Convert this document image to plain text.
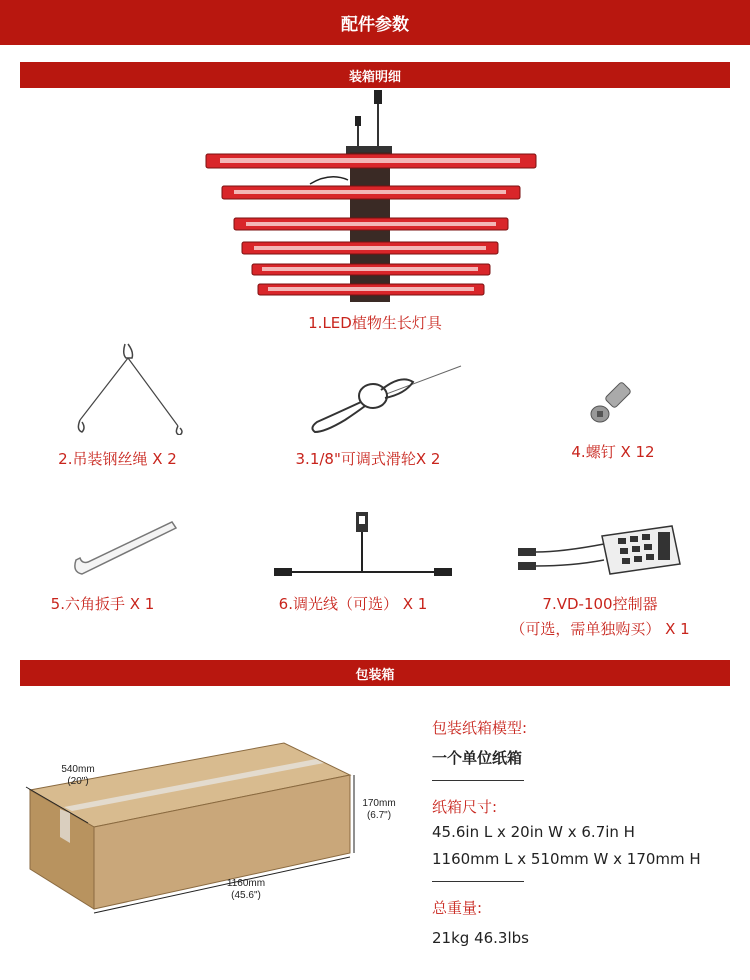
配件参数
装箱明细
1.LED植物生长灯具
2.吊装钢丝绳 X 2	3.1/8"可调式滑轮X 2	4.螺钉 X 12
5.六角扳手 X 1	6.调光线（可选） X 1	7.VD-100控制器
（可选，需单独购买） X 1
包装箱
540mm
(20")
170mm
(6.7")
1160mm
(45.6")
包装纸箱模型:
一个单位纸箱
纸箱尺寸:
45.6in L x 20in W x 6.7in H
1160mm L x 510mm W x 170mm H
总重量:
21kg 46.3lbs
